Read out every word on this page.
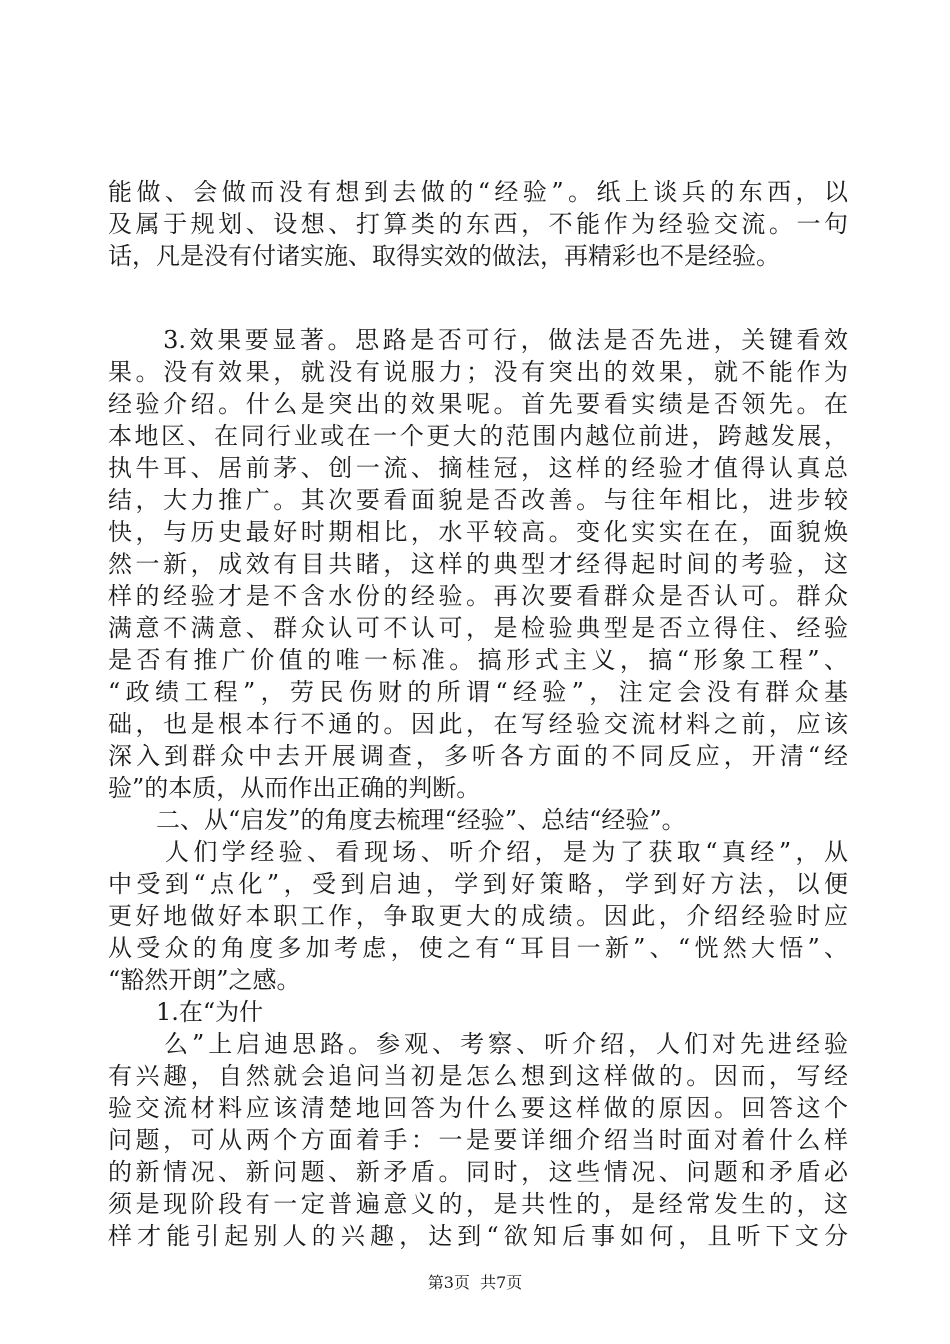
能做、会做而没有想到去做的“经验”。纸上谈兵的东西，以
及属于规划、设想、打算类的东西，不能作为经验交流。一句
话，凡是没有付诸实施、取得实效的做法，再精彩也不是经验。
　　3.效果要显著。思路是否可行，做法是否先进，关键看效
果。没有效果，就没有说服力；没有突出的效果，就不能作为
经验介绍。什么是突出的效果呢。首先要看实绩是否领先。在
本地区、在同行业或在一个更大的范围内越位前进，跨越发展，
执牛耳、居前茅、创一流、摘桂冠，这样的经验才值得认真总
结，大力推广。其次要看面貌是否改善。与往年相比，进步较
快，与历史最好时期相比，水平较高。变化实实在在，面貌焕
然一新，成效有目共睹，这样的典型才经得起时间的考验，这
样的经验才是不含水份的经验。再次要看群众是否认可。群众
满意不满意、群众认可不认可，是检验典型是否立得住、经验
是否有推广价值的唯一标准。搞形式主义，搞“形象工程”、
“政绩工程”，劳民伤财的所谓“经验”，注定会没有群众基
础，也是根本行不通的。因此，在写经验交流材料之前，应该
深入到群众中去开展调查，多听各方面的不同反应，开清“经
验”的本质，从而作出正确的判断。
　　二、从“启发”的角度去梳理“经验”、总结“经验”。
　　人们学经验、看现场、听介绍，是为了获取“真经”，从
中受到“点化”，受到启迪，学到好策略，学到好方法，以便
更好地做好本职工作，争取更大的成绩。因此，介绍经验时应
从受众的角度多加考虑，使之有“耳目一新”、“恍然大悟”、
“豁然开朗”之感。
　　1.在“为什
　　么”上启迪思路。参观、考察、听介绍，人们对先进经验
有兴趣，自然就会追问当初是怎么想到这样做的。因而，写经
验交流材料应该清楚地回答为什么要这样做的原因。回答这个
问题，可从两个方面着手：一是要详细介绍当时面对着什么样
的新情况、新问题、新矛盾。同时，这些情况、问题和矛盾必
须是现阶段有一定普遍意义的，是共性的，是经常发生的，这
样才能引起别人的兴趣，达到“欲知后事如何，且听下文分
第3页  共7页
